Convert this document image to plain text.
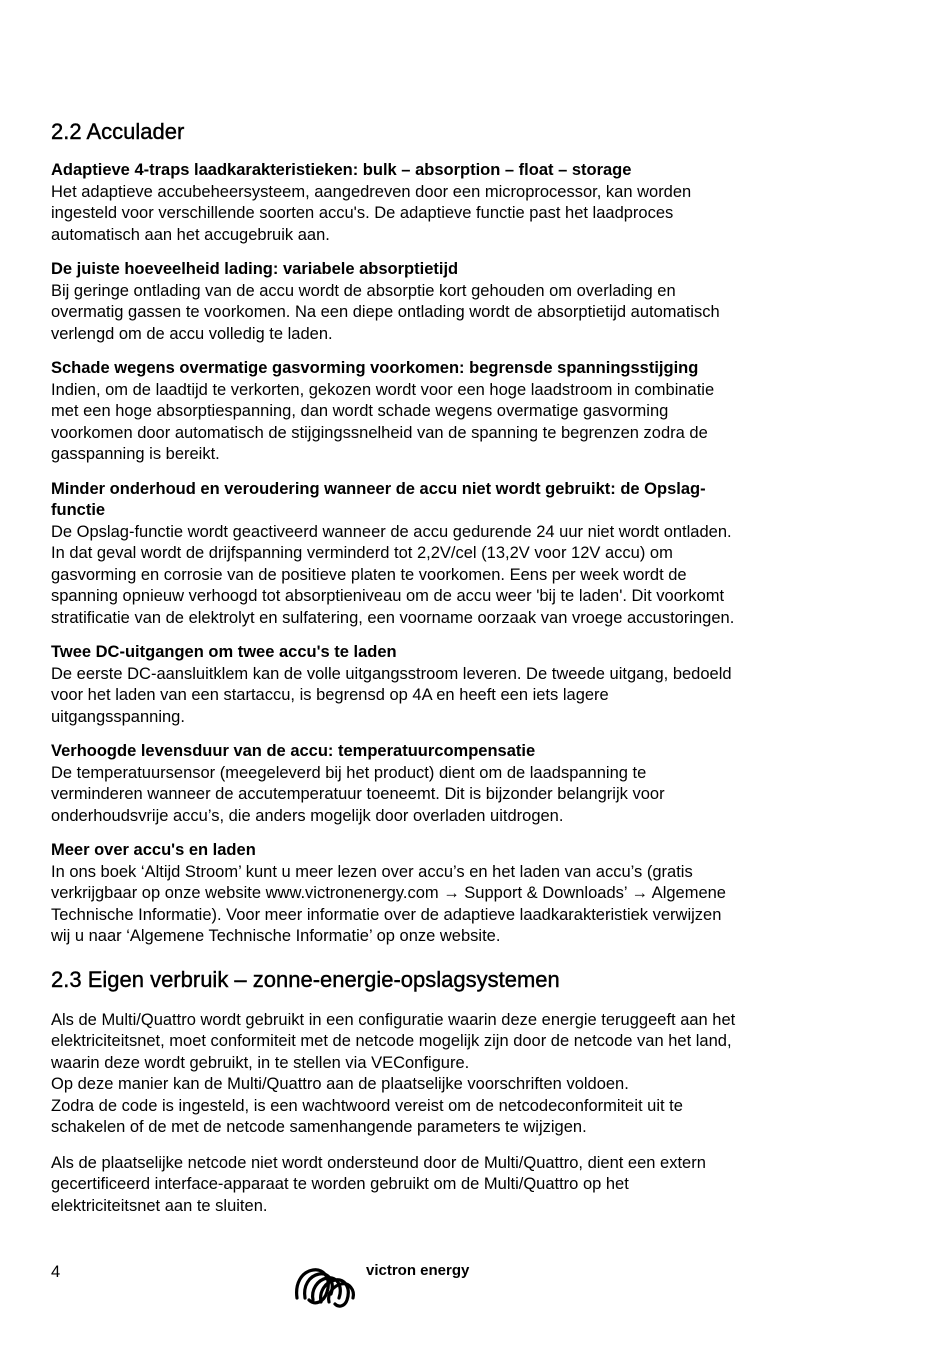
2.2 Acculader

Adaptieve 4-traps laadkarakteristieken: bulk – absorption – float – storage

Het adaptieve accubeheersysteem, aangedreven door een microprocessor, kan worden
ingesteld voor verschillende soorten accu's. De adaptieve functie past het laadproces
automatisch aan het accugebruik aan.

De juiste hoeveelheid lading: variabele absorptietijd

Bij geringe ontlading van de accu wordt de absorptie kort gehouden om overlading en
overmatig gassen te voorkomen. Na een diepe ontlading wordt de absorptietijd automatisch
verlengd om de accu volledig te laden.

Schade wegens overmatige gasvorming voorkomen: begrensde spanningsstijging

Indien, om de laadtijd te verkorten, gekozen wordt voor een hoge laadstroom in combinatie
met een hoge absorptiespanning, dan wordt schade wegens overmatige gasvorming
voorkomen door automatisch de stijgingssnelheid van de spanning te begrenzen zodra de
gasspanning is bereikt.

Minder onderhoud en veroudering wanneer de accu niet wordt gebruikt: de Opslag-
functie

De Opslag-functie wordt geactiveerd wanneer de accu gedurende 24 uur niet wordt ontladen.
In dat geval wordt de drijfspanning verminderd tot 2,2V/cel (13,2V voor 12V accu) om
gasvorming en corrosie van de positieve platen te voorkomen. Eens per week wordt de
spanning opnieuw verhoogd tot absorptieniveau om de accu weer 'bij te laden'. Dit voorkomt
stratificatie van de elektrolyt en sulfatering, een voorname oorzaak van vroege accustoringen.

Twee DC-uitgangen om twee accu's te laden

De eerste DC-aansluitklem kan de volle uitgangsstroom leveren. De tweede uitgang, bedoeld
voor het laden van een startaccu, is begrensd op 4A en heeft een iets lagere
uitgangsspanning.

Verhoogde levensduur van de accu: temperatuurcompensatie

De temperatuursensor (meegeleverd bij het product) dient om de laadspanning te
verminderen wanneer de accutemperatuur toeneemt. Dit is bijzonder belangrijk voor
onderhoudsvrije accu’s, die anders mogelijk door overladen uitdrogen.

Meer over accu's en laden

In ons boek ‘Altijd Stroom’ kunt u meer lezen over accu’s en het laden van accu’s (gratis
verkrijgbaar op onze website www.victronenergy.com → Support & Downloads’ → Algemene
Technische Informatie). Voor meer informatie over de adaptieve laadkarakteristiek verwijzen
wij u naar ‘Algemene Technische Informatie’ op onze website.

2.3 Eigen verbruik – zonne-energie-opslagsystemen

Als de Multi/Quattro wordt gebruikt in een configuratie waarin deze energie teruggeeft aan het
elektriciteitsnet, moet conformiteit met de netcode mogelijk zijn door de netcode van het land,
waarin deze wordt gebruikt, in te stellen via VEConfigure.
Op deze manier kan de Multi/Quattro aan de plaatselijke voorschriften voldoen.
Zodra de code is ingesteld, is een wachtwoord vereist om de netcodeconformiteit uit te
schakelen of de met de netcode samenhangende parameters te wijzigen.

Als de plaatselijke netcode niet wordt ondersteund door de Multi/Quattro, dient een extern
gecertificeerd interface-apparaat te worden gebruikt om de Multi/Quattro op het
elektriciteitsnet aan te sluiten.

4	victron energy
